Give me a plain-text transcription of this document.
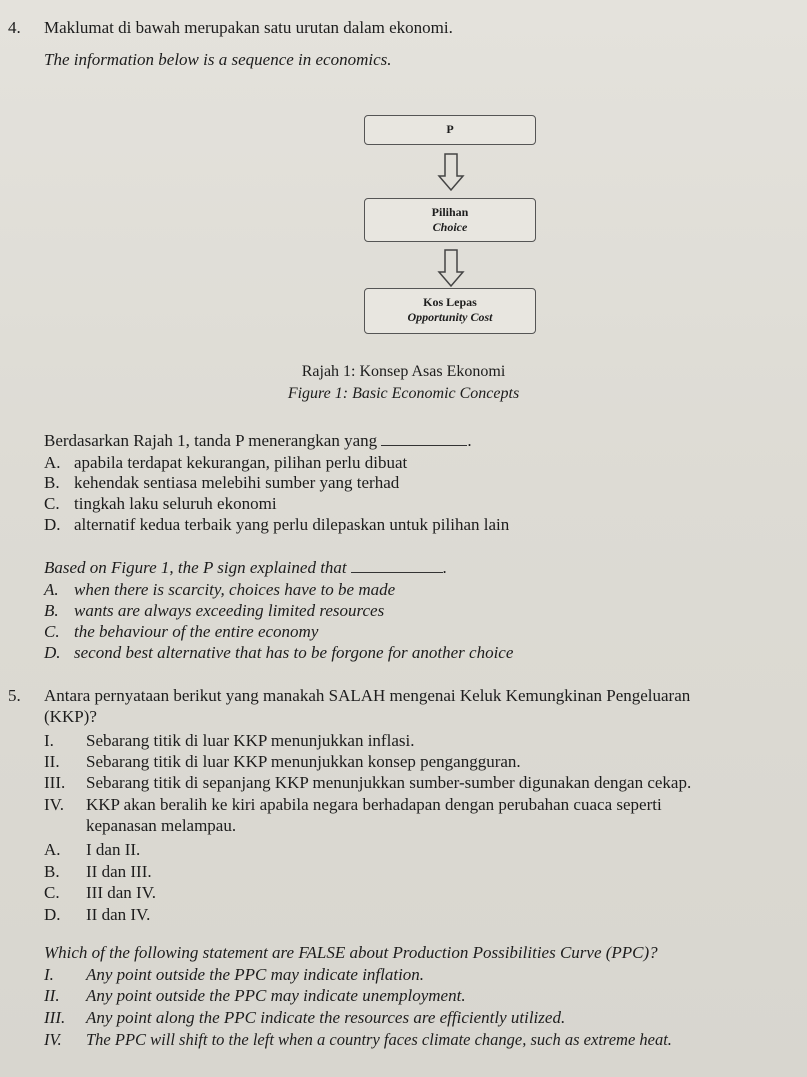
4. Maklumat di bawah merupakan satu urutan dalam ekonomi.
The information below is a sequence in economics.
P
Pilihan
Choice
Kos Lepas
Opportunity Cost
Rajah 1: Konsep Asas Ekonomi
Figure 1: Basic Economic Concepts
Berdasarkan Rajah 1, tanda P menerangkan yang	.
A. apabila terdapat kekurangan, pilihan perlu dibuat
B. kehendak sentiasa melebihi sumber yang terhad
C. tingkah laku seluruh ekonomi
D. alternatif kedua terbaik yang perlu dilepaskan untuk pilihan lain
Based on Figure 1, the P sign explained that	.
A. when there is scarcity, choices have to be made
B. wants are always exceeding limited resources
C. the behaviour of the entire economy
D. second best alternative that has to be forgone for another choice
5. Antara pernyataan berikut yang manakah SALAH mengenai Keluk Kemungkinan Pengeluaran
(KKP)?
I. Sebarang titik di luar KKP menunjukkan inflasi.
II. Sebarang titik di luar KKP menunjukkan konsep pengangguran.
III. Sebarang titik di sepanjang KKP menunjukkan sumber-sumber digunakan dengan cekap.
IV. KKP akan beralih ke kiri apabila negara berhadapan dengan perubahan cuaca seperti
kepanasan melampau.
A. I dan II.
B. II dan III.
C. III dan IV.
D. II dan IV.
Which of the following statement are FALSE about Production Possibilities Curve (PPC)?
I. Any point outside the PPC may indicate inflation.
II. Any point outside the PPC may indicate unemployment.
III. Any point along the PPC indicate the resources are efficiently utilized.
IV. The PPC will shift to the left when a country faces climate change, such as extreme heat.
